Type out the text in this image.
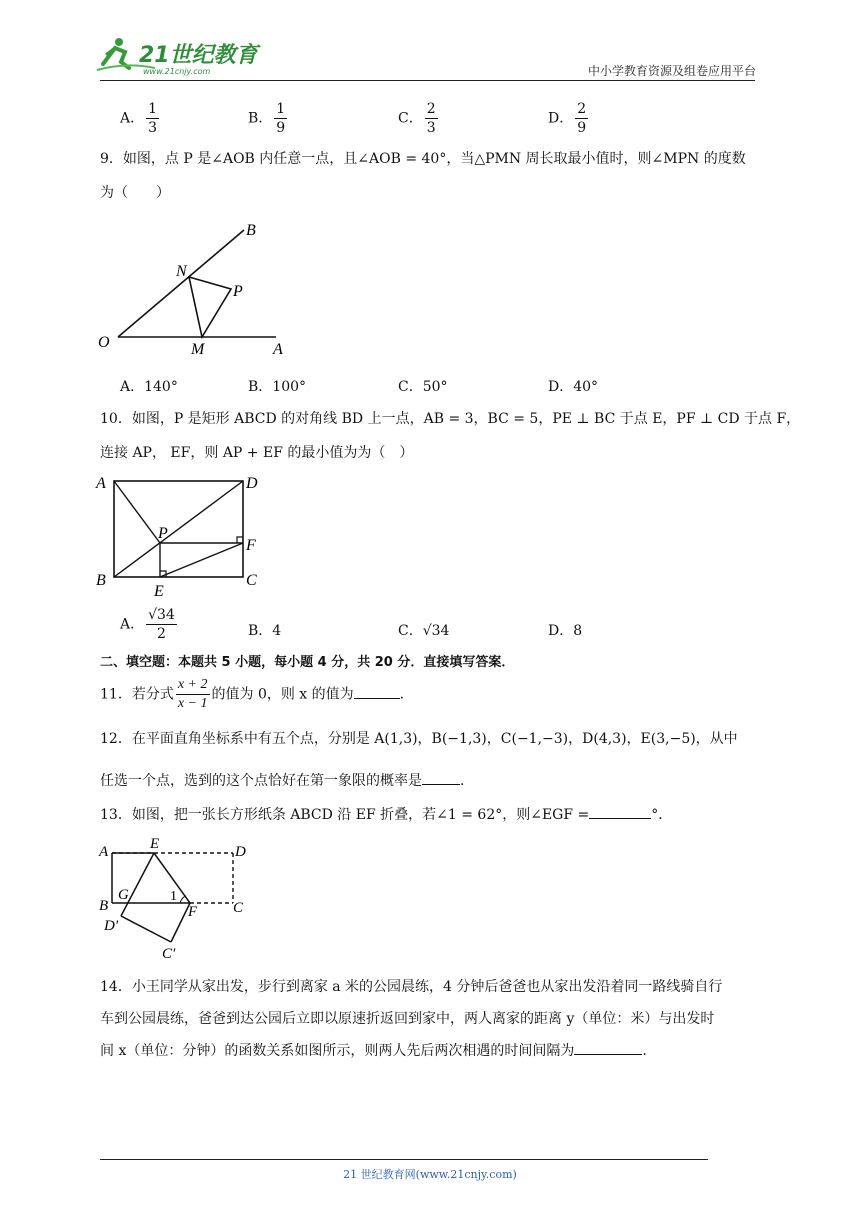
21世纪教育
www.21cnjy.com	中小学教育资源及组卷应用平台
A． $\frac{1}{3}$	B． $\frac{1}{9}$	C． $\frac{2}{3}$	D． $\frac{2}{9}$
9．如图，点 P 是∠AOB 内任意一点，且∠AOB = 40°，当△PMN 周长取最小值时，则∠MPN 的度数
为（　　）
B
N
P
O	M	A
A．140°	B．100°	C．50°	D．40°
10．如图，P 是矩形 ABCD 的对角线 BD 上一点，AB = 3，BC = 5，PE ⊥ BC 于点 E，PF ⊥ CD 于点 F，
连接 AP， EF，则 AP + EF 的最小值为为（　）
A	D
P
F
B
E
C
A． $\frac{√34}{2}$	B．4	C．√34	D．8
二、填空题：本题共 5 小题，每小题 4 分，共 20 分．直接填写答案．
11．若分式 $\frac{x + 2}{x - 1}$ 的值为 0，则 x 的值为	.
12．在平面直角坐标系中有五个点，分别是 A(1,3)，B(−1,3)，C(−1,−3)，D(4,3)，E(3,−5)，从中
任选一个点，选到的这个点恰好在第一象限的概率是	.
13．如图，把一张长方形纸条 ABCD 沿 EF 折叠，若∠1 = 62°，则∠EGF =	°．
A	E	D
G	1
B	F C
D′
C′
14．小王同学从家出发，步行到离家 a 米的公园晨练，4 分钟后爸爸也从家出发沿着同一路线骑自行
车到公园晨练，爸爸到达公园后立即以原速折返回到家中，两人离家的距离 y（单位：米）与出发时
间 x（单位：分钟）的函数关系如图所示，则两人先后两次相遇的时间间隔为	.
21 世纪教育网(www.21cnjy.com)
